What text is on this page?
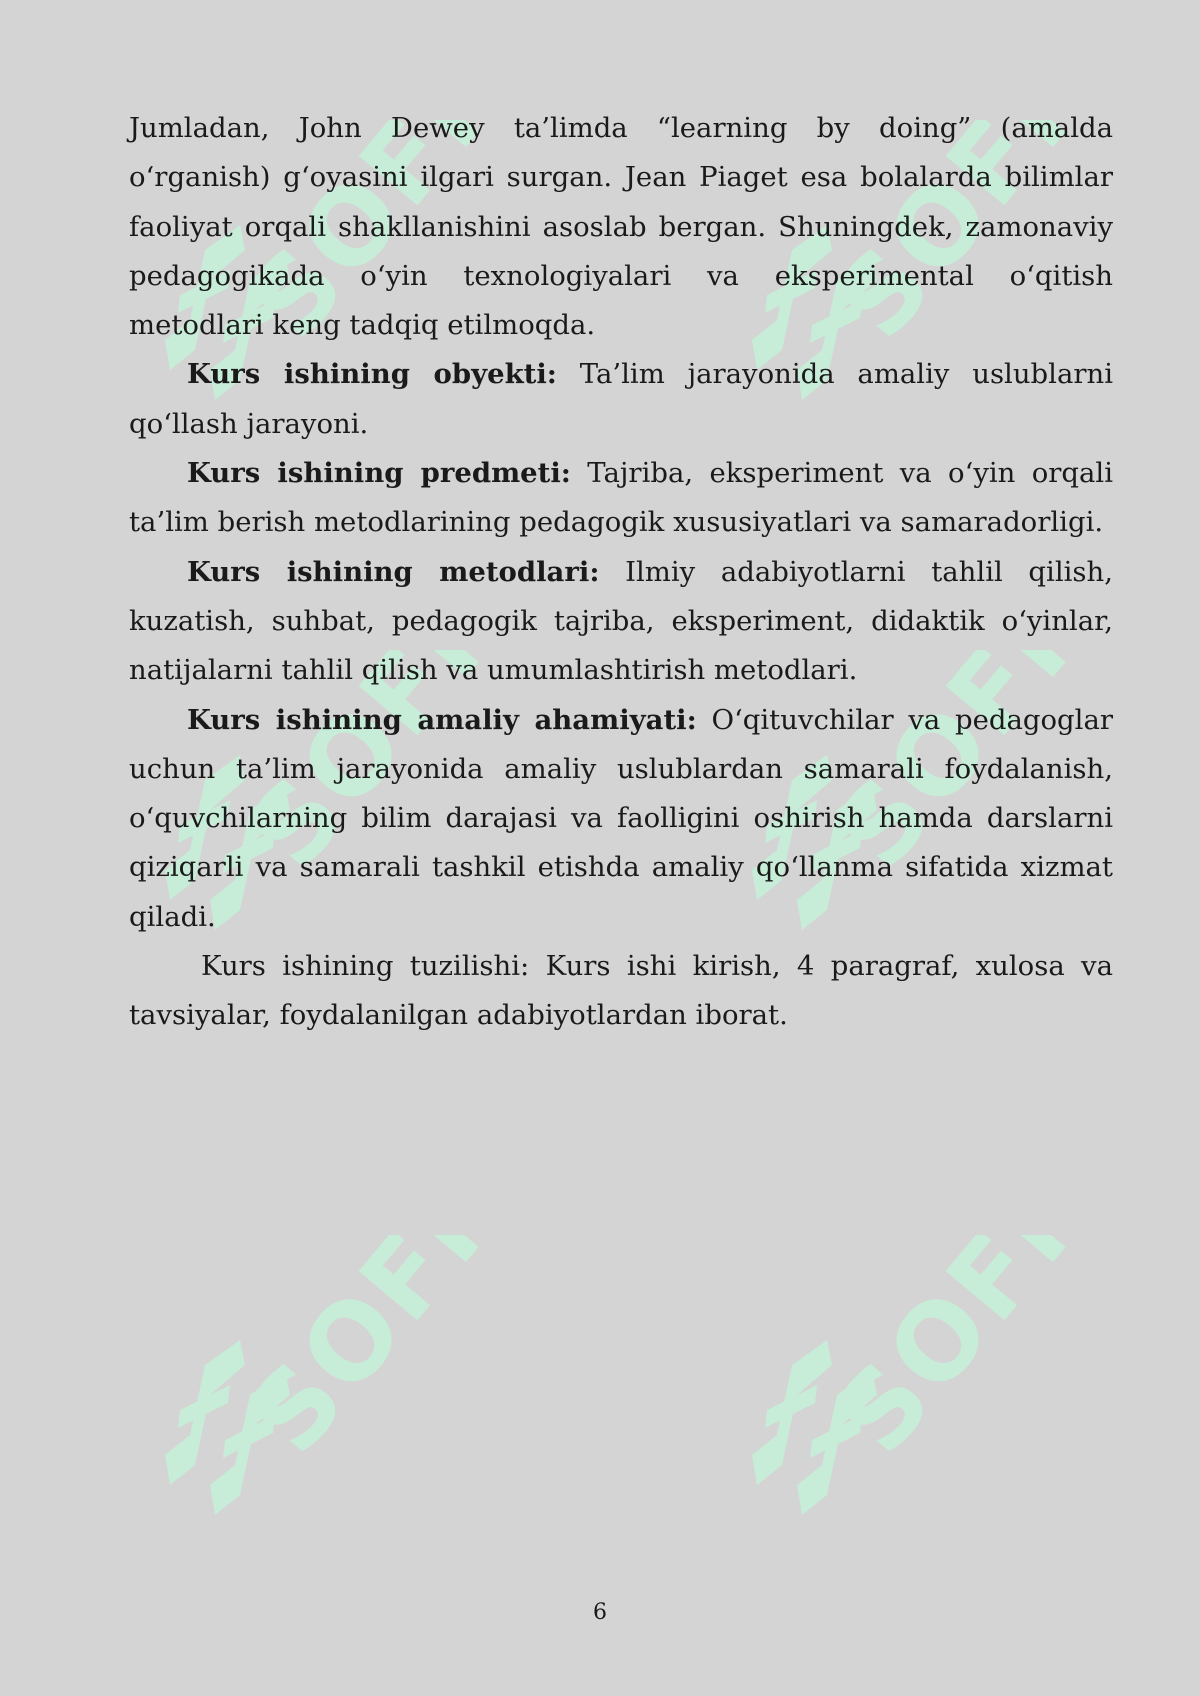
Jumladan, John Dewey ta’limda “learning by doing” (amalda o‘rganish) g‘oyasini ilgari surgan. Jean Piaget esa bolalarda bilimlar faoliyat orqali shakllanishini asoslab bergan. Shuningdek, zamonaviy pedagogikada o‘yin texnologiyalari va eksperimental o‘qitish metodlari keng tadqiq etilmoqda.

Kurs ishining obyekti: Ta’lim jarayonida amaliy uslublarni qo‘llash jarayoni.

Kurs ishining predmeti: Tajriba, eksperiment va o‘yin orqali ta’lim berish metodlarining pedagogik xususiyatlari va samaradorligi.

Kurs ishining metodlari: Ilmiy adabiyotlarni tahlil qilish, kuzatish, suhbat, pedagogik tajriba, eksperiment, didaktik o‘yinlar, natijalarni tahlil qilish va umumlashtirish metodlari.

Kurs ishining amaliy ahamiyati: O‘qituvchilar va pedagoglar uchun ta’lim jarayonida amaliy uslublardan samarali foydalanish, o‘quvchilarning bilim darajasi va faolligini oshirish hamda darslarni qiziqarli va samarali tashkil etishda amaliy qo‘llanma sifatida xizmat qiladi.

Kurs ishining tuzilishi: Kurs ishi kirish, 4 paragraf, xulosa va tavsiyalar, foydalanilgan adabiyotlardan iborat.

6
